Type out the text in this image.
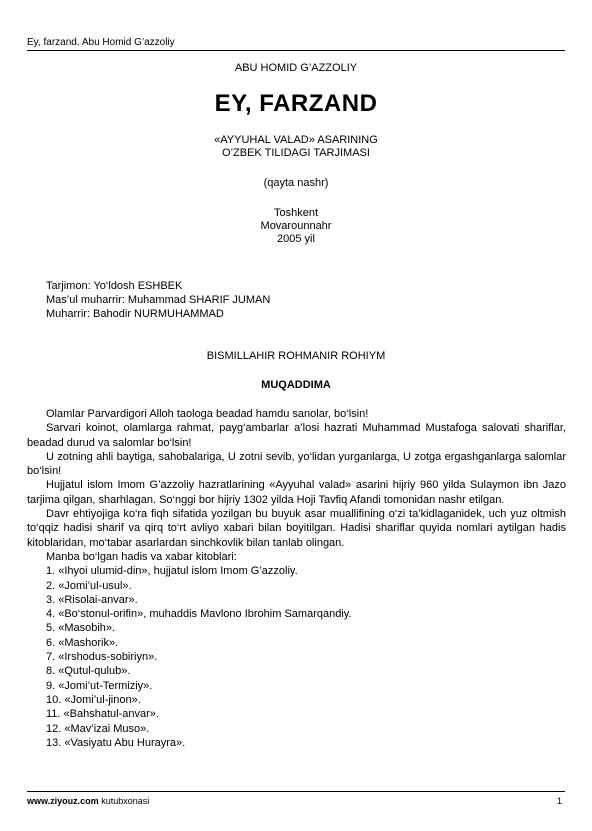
Ey, farzand. Abu Homid G’azzoliy
ABU HOMID G’AZZOLIY
EY, FARZAND
«AYYUHAL VALAD» ASARINING
O’ZBEK TILIDAGI TARJIMASI
(qayta nashr)
Toshkent
Movarounnahr
2005 yil
Tarjimon: Yo‘ldosh ESHBEK
Mas’ul muharrir: Muhammad SHARIF JUMAN
Muharrir: Bahodir NURMUHAMMAD
BISMILLAHIR ROHMANIR ROHIYM
MUQADDIMA

Olamlar Parvardigori Alloh taologa beadad hamdu sanolar, bo‘lsin!

Sarvari koinot, olamlarga rahmat, payg‘ambarlar a’losi hazrati Muhammad Mustafoga salovati shariflar, beadad durud va salomlar bo‘lsin!

U zotning ahli baytiga, sahobalariga, U zotni sevib, yo‘lidan yurganlarga, U zotga ergashganlarga salomlar bo‘lsin!

Hujjatul islom Imom G’azzoliy hazratlarining «Ayyuhal valad» asarini hijriy 960 yilda Sulaymon ibn Jazo tarjima qilgan, sharhlagan. So‘nggi bor hijriy 1302 yilda Hoji Tavfiq Afandi tomonidan nashr etilgan.

Davr ehtiyojiga ko‘ra fiqh sifatida yozilgan bu buyuk asar muallifining o‘zi ta’kidlaganidek, uch yuz oltmish to‘qqiz hadisi sharif va qirq to‘rt avliyo xabari bilan boyitilgan. Hadisi shariflar quyida nomlari aytilgan hadis kitoblaridan, mo‘tabar asarlardan sinchkovlik bilan tanlab olingan.

Manba bo‘lgan hadis va xabar kitoblari:

1. «Ihyoi ulumid-din», hujjatul islom Imom G’azzoliy.
2. «Jomi’ul-usul».
3. «Risolai-anvar».
4. «Bo‘stonul-orifin», muhaddis Mavlono Ibrohim Samarqandiy.
5. «Masobih».
6. «Mashorik».
7. «Irshodus-sobiriyn».
8. «Qutul-qulub».
9. «Jomi’ut-Termiziy».
10. «Jomi’ul-jinon».
11. «Bahshatul-anvar».
12. «Mav’izai Muso».
13. «Vasiyatu Abu Hurayra».
www.ziyouz.com kutubxonasi	1
